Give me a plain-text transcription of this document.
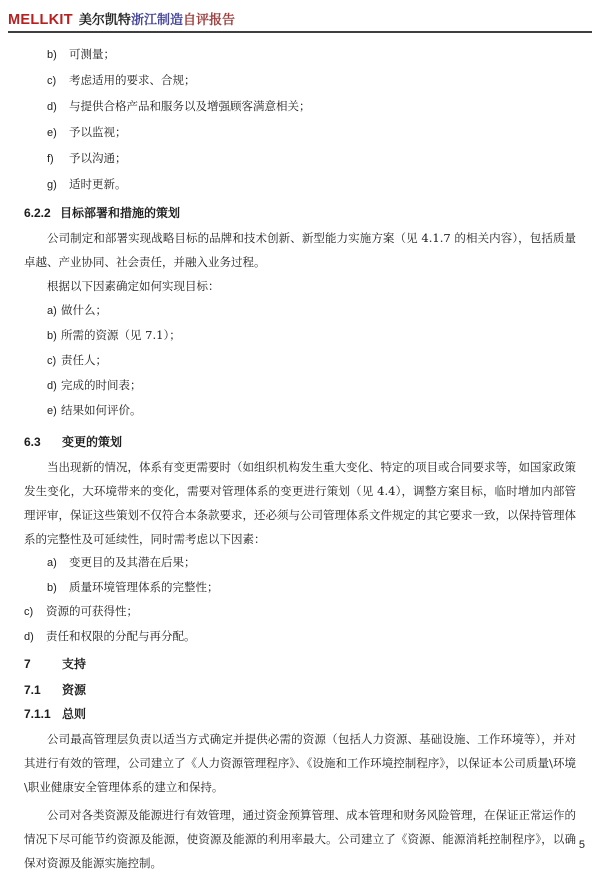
MELLKIT 美尔凯特浙江制造自评报告
b)	可测量；
c)	考虑适用的要求、合规；
d)	与提供合格产品和服务以及增强顾客满意相关；
e)	予以监视；
f)	予以沟通；
g)	适时更新。
6.2.2 目标部署和措施的策划

公司制定和部署实现战略目标的品牌和技术创新、新型能力实施方案（见 4.1.7 的相关内容），包括质量卓越、产业协同、社会责任，并融入业务过程。

根据以下因素确定如何实现目标：

a) 做什么；
b) 所需的资源（见 7.1）；
c) 责任人；
d) 完成的时间表；
e) 结果如何评价。
6.3	变更的策划

当出现新的情况，体系有变更需要时（如组织机构发生重大变化、特定的项目或合同要求等，如国家政策发生变化，大环境带来的变化，需要对管理体系的变更进行策划（见 4.4），调整方案目标，临时增加内部管理评审，保证这些策划不仅符合本条款要求，还必须与公司管理体系文件规定的其它要求一致，以保持管理体系的完整性及可延续性，同时需考虑以下因素：

a)	变更目的及其潜在后果；
b)	质量环境管理体系的完整性；
c)	资源的可获得性；
d)	责任和权限的分配与再分配。
7	支持
7.1	资源
7.1.1 总则

公司最高管理层负责以适当方式确定并提供必需的资源（包括人力资源、基础设施、工作环境等），并对其进行有效的管理，公司建立了《人力资源管理程序》、《设施和工作环境控制程序》，以保证本公司质量\环境\职业健康安全管理体系的建立和保持。

公司对各类资源及能源进行有效管理，通过资金预算管理、成本管理和财务风险管理，在保证正常运作的情况下尽可能节约资源及能源，使资源及能源的利用率最大。公司建立了《资源、能源消耗控制程序》，以确保对资源及能源实施控制。

5
